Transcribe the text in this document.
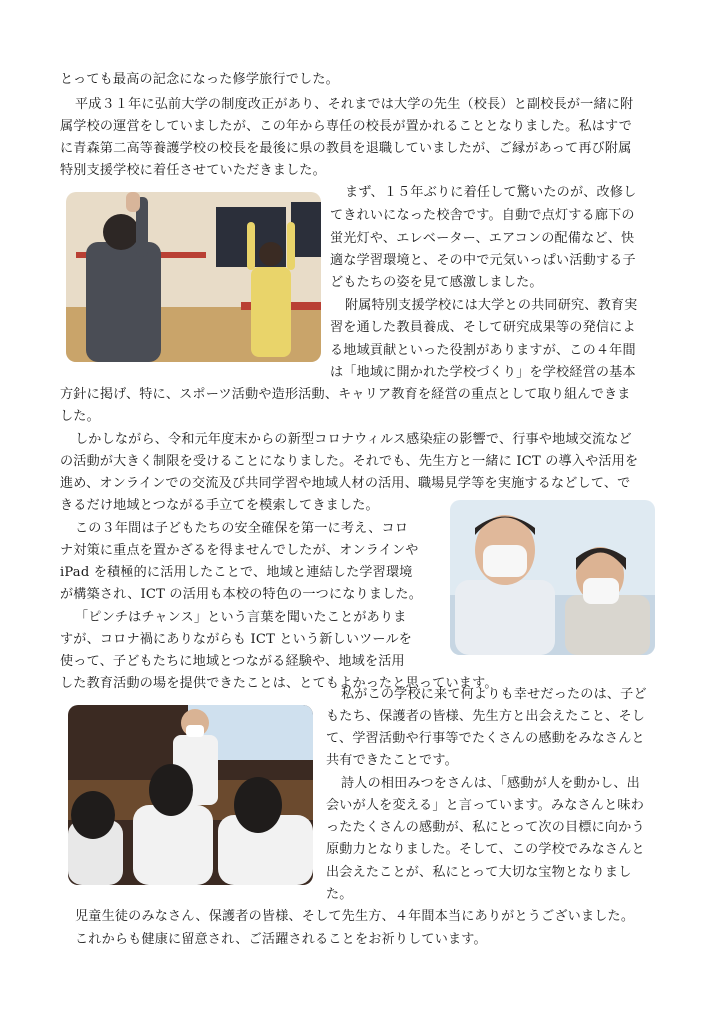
とっても最高の記念になった修学旅行でした。
平成３１年に弘前大学の制度改正があり、それまでは大学の先生（校長）と副校長が一緒に附
属学校の運営をしていましたが、この年から専任の校長が置かれることとなりました。私はすで
に青森第二高等養護学校の校長を最後に県の教員を退職していましたが、ご縁があって再び附属
特別支援学校に着任させていただきました。
まず、１５年ぶりに着任して驚いたのが、改修し
てきれいになった校舎です。自動で点灯する廊下の
蛍光灯や、エレベーター、エアコンの配備など、快
適な学習環境と、その中で元気いっぱい活動する子
どもたちの姿を見て感激しました。
附属特別支援学校には大学との共同研究、教育実
習を通した教員養成、そして研究成果等の発信によ
る地域貢献といった役割がありますが、この４年間
は「地域に開かれた学校づくり」を学校経営の基本
方針に掲げ、特に、スポーツ活動や造形活動、キャリア教育を経営の重点として取り組んできま
した。
しかしながら、令和元年度末からの新型コロナウィルス感染症の影響で、行事や地域交流など
の活動が大きく制限を受けることになりました。それでも、先生方と一緒に ICT の導入や活用を
進め、オンラインでの交流及び共同学習や地域人材の活用、職場見学等を実施するなどして、で
きるだけ地域とつながる手立てを模索してきました。
この３年間は子どもたちの安全確保を第一に考え、コロ
ナ対策に重点を置かざるを得ませんでしたが、オンラインや
iPad を積極的に活用したことで、地域と連結した学習環境
が構築され、ICT の活用も本校の特色の一つになりました。
「ピンチはチャンス」という言葉を聞いたことがありま
すが、コロナ禍にありながらも ICT という新しいツールを
使って、子どもたちに地域とつながる経験や、地域を活用
した教育活動の場を提供できたことは、とてもよかったと思っています。
私がこの学校に来て何よりも幸せだったのは、子ど
もたち、保護者の皆様、先生方と出会えたこと、そし
て、学習活動や行事等でたくさんの感動をみなさんと
共有できたことです。
詩人の相田みつをさんは、「感動が人を動かし、出
会いが人を変える」と言っています。みなさんと味わ
ったたくさんの感動が、私にとって次の目標に向かう
原動力となりました。そして、この学校でみなさんと
出会えたことが、私にとって大切な宝物となりまし
た。
児童生徒のみなさん、保護者の皆様、そして先生方、４年間本当にありがとうございました。
これからも健康に留意され、ご活躍されることをお祈りしています。
